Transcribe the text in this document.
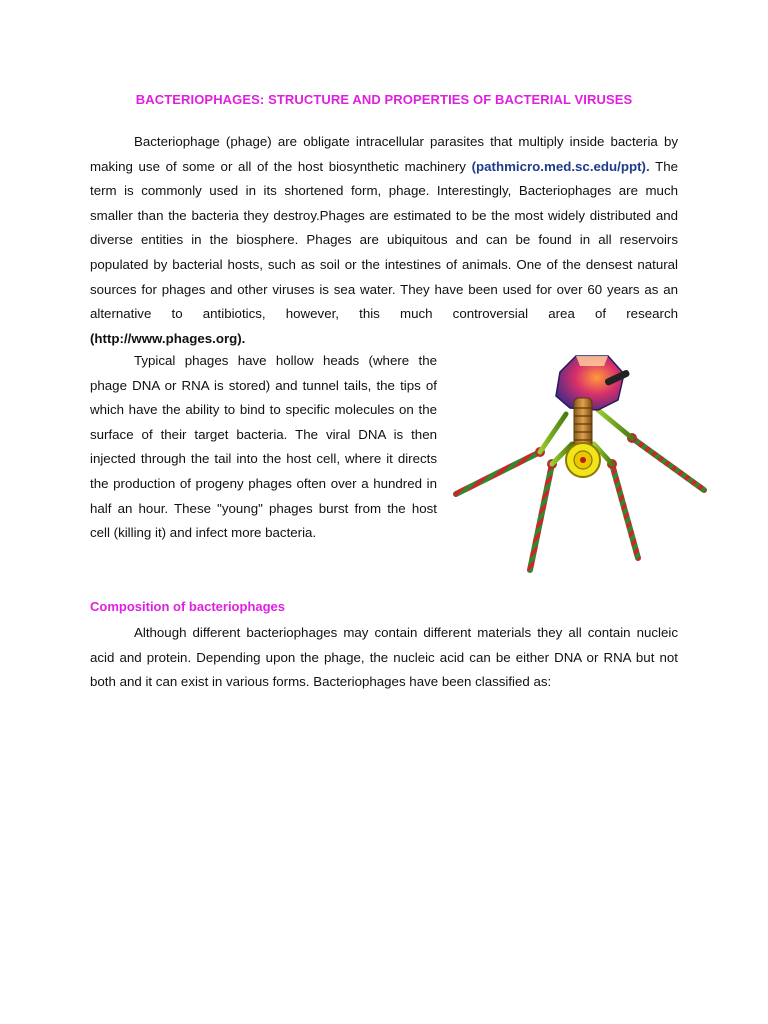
BACTERIOPHAGES: STRUCTURE AND PROPERTIES OF BACTERIAL VIRUSES

Bacteriophage (phage) are obligate intracellular parasites that multiply inside bacteria by making use of some or all of the host biosynthetic machinery (pathmicro.med.sc.edu/ppt). The term is commonly used in its shortened form, phage. Interestingly, Bacteriophages are much smaller than the bacteria they destroy.Phages are estimated to be the most widely distributed and diverse entities in the biosphere. Phages are ubiquitous and can be found in all reservoirs populated by bacterial hosts, such as soil or the intestines of animals. One of the densest natural sources for phages and other viruses is sea water. They have been used for over 60 years as an alternative to antibiotics, however, this much controversial area of research (http://www.phages.org).

Typical phages have hollow heads (where the phage DNA or RNA is stored) and tunnel tails, the tips of which have the ability to bind to specific molecules on the surface of their target bacteria. The viral DNA is then injected through the tail into the host cell, where it directs the production of progeny phages often over a hundred in half an hour. These "young" phages burst from the host cell (killing it) and infect more bacteria.

Composition of bacteriophages

Although different bacteriophages may contain different materials they all contain nucleic acid and protein. Depending upon the phage, the nucleic acid can be either DNA or RNA but not both and it can exist in various forms. Bacteriophages have been classified as:
